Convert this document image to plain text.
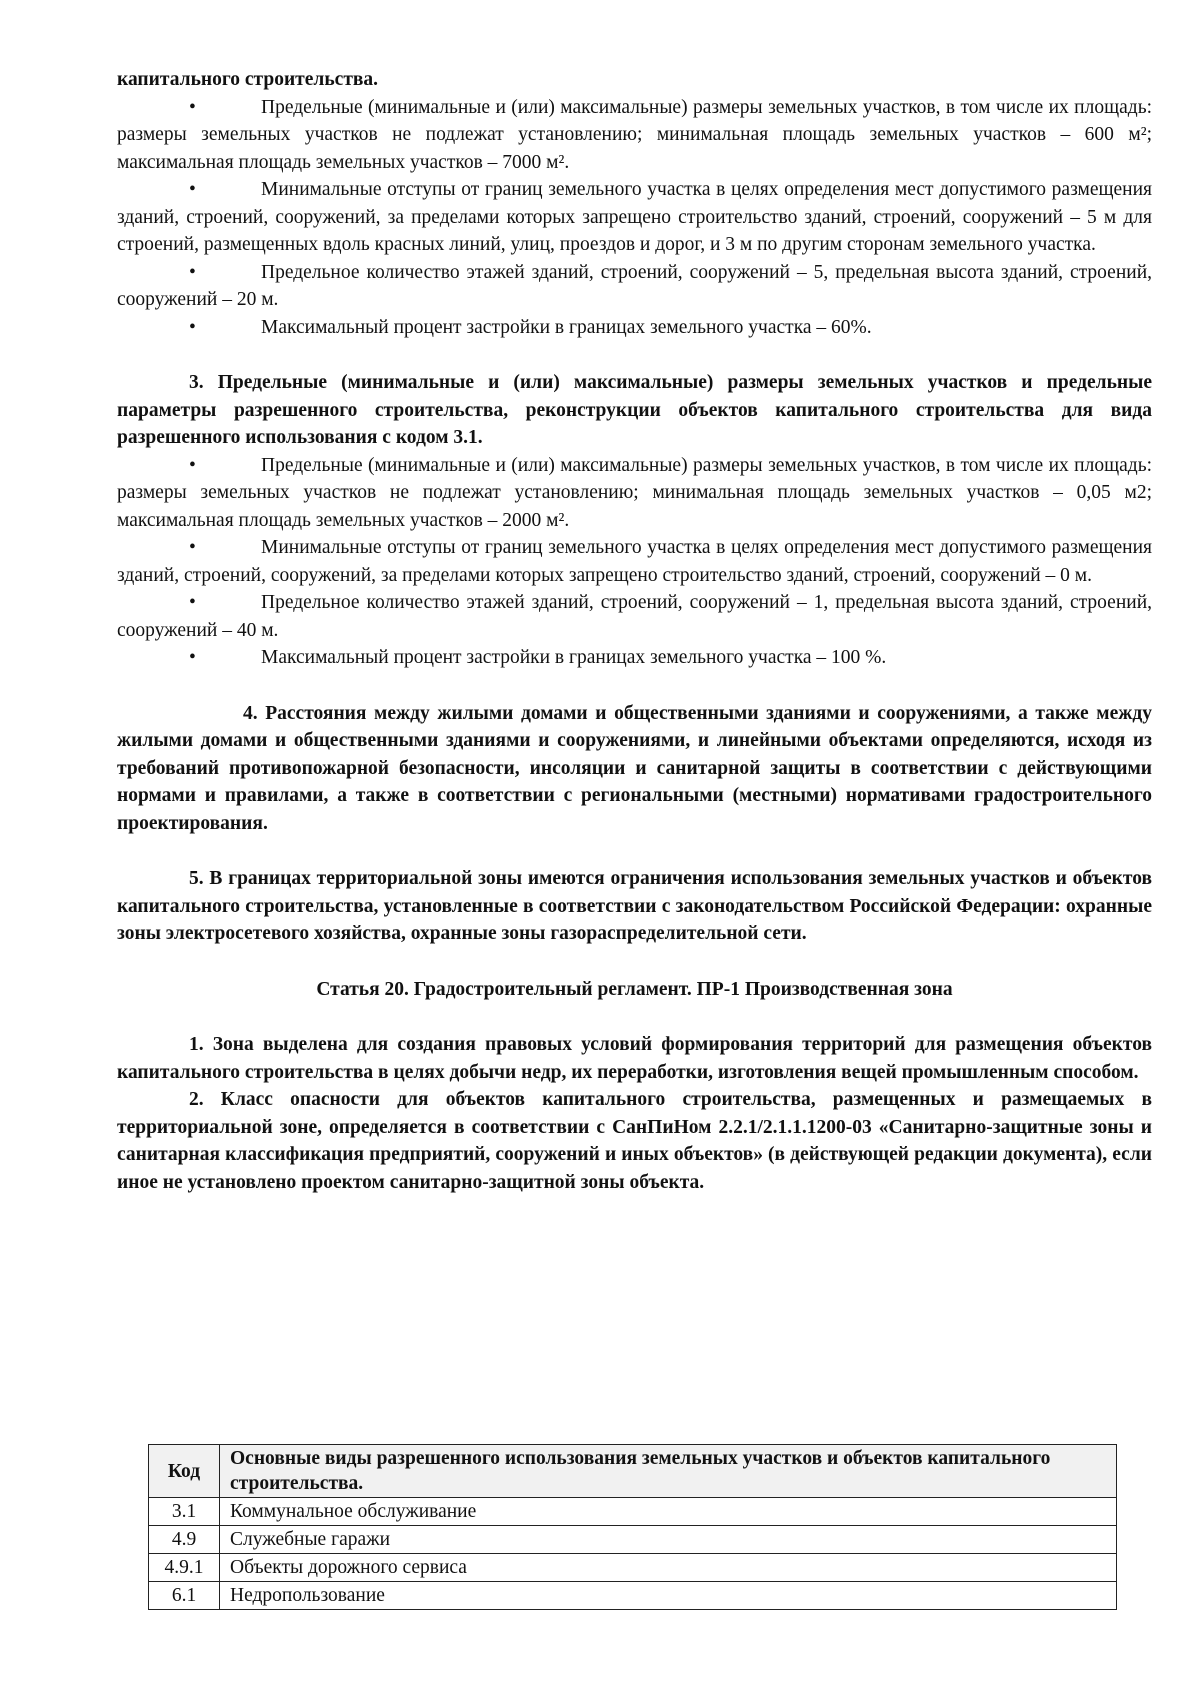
капитального строительства.

•	Предельные (минимальные и (или) максимальные) размеры земельных участков, в том числе их площадь: размеры земельных участков не подлежат установлению; минимальная площадь земельных участков – 600 м²; максимальная площадь земельных участков – 7000 м².

•	Минимальные отступы от границ земельного участка в целях определения мест допустимого размещения зданий, строений, сооружений, за пределами которых запрещено строительство зданий, строений, сооружений – 5 м для строений, размещенных вдоль красных линий, улиц, проездов и дорог, и 3 м по другим сторонам земельного участка.

•	Предельное количество этажей зданий, строений, сооружений – 5, предельная высота зданий, строений, сооружений – 20 м.

•	Максимальный процент застройки в границах земельного участка – 60%.

3. Предельные (минимальные и (или) максимальные) размеры земельных участков и предельные параметры разрешенного строительства, реконструкции объектов капитального строительства для вида разрешенного использования с кодом 3.1.

•	Предельные (минимальные и (или) максимальные) размеры земельных участков, в том числе их площадь: размеры земельных участков не подлежат установлению; минимальная площадь земельных участков – 0,05 м2; максимальная площадь земельных участков – 2000 м².

•	Минимальные отступы от границ земельного участка в целях определения мест допустимого размещения зданий, строений, сооружений, за пределами которых запрещено строительство зданий, строений, сооружений – 0 м.

•	Предельное количество этажей зданий, строений, сооружений – 1, предельная высота зданий, строений, сооружений – 40 м.

•	Максимальный процент застройки в границах земельного участка – 100 %.

4. Расстояния между жилыми домами и общественными зданиями и сооружениями, а также между жилыми домами и общественными зданиями и сооружениями, и линейными объектами определяются, исходя из требований противопожарной безопасности, инсоляции и санитарной защиты в соответствии с действующими нормами и правилами, а также в соответствии с региональными (местными) нормативами градостроительного проектирования.

5. В границах территориальной зоны имеются ограничения использования земельных участков и объектов капитального строительства, установленные в соответствии с законодательством Российской Федерации: охранные зоны электросетевого хозяйства, охранные зоны газораспределительной сети.

Статья 20. Градостроительный регламент. ПР-1 Производственная зона

1. Зона выделена для создания правовых условий формирования территорий для размещения объектов капитального строительства в целях добычи недр, их переработки, изготовления вещей промышленным способом.

2. Класс опасности для объектов капитального строительства, размещенных и размещаемых в территориальной зоне, определяется в соответствии с СанПиНом 2.2.1/2.1.1.1200-03 «Санитарно-защитные зоны и санитарная классификация предприятий, сооружений и иных объектов» (в действующей редакции документа), если иное не установлено проектом санитарно-защитной зоны объекта.

Код	Основные виды разрешенного использования земельных участков и объектов капитального строительства.
3.1	Коммунальное обслуживание
4.9	Служебные гаражи
4.9.1	Объекты дорожного сервиса
6.1	Недропользование
